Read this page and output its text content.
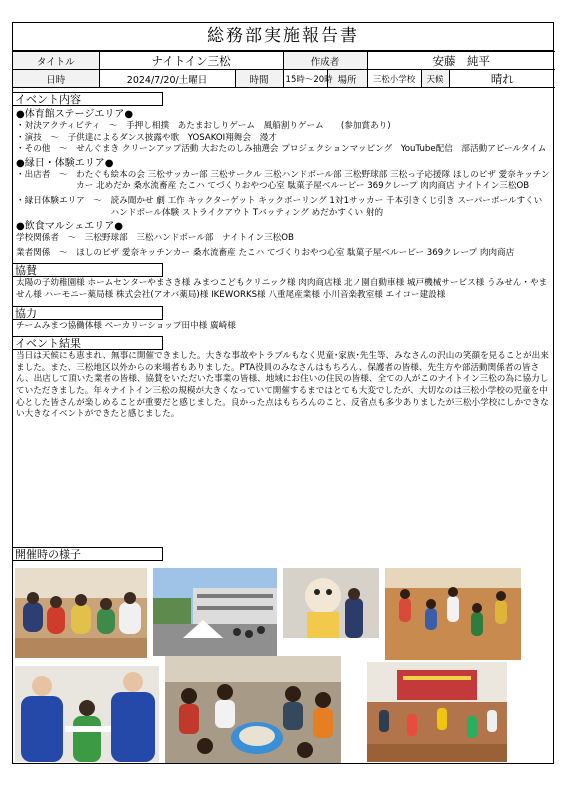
総務部実施報告書
タイトル	ナイトイン三松		作成者		安藤　純平		
日時	2024/7/20/土曜日	時間	15時～20時	場所	三松小学校	天候	晴れ
イベント内容
●体育館ステージエリア●
・対決アクティビティ　～　手押し相撲　あたまおしりゲーム　風船割りゲーム　　(参加賞あり)
・演技　～　子供達によるダンス披露や歌　YOSAKOI翔舞会　漫才
・その他　～　せんぐまき クリーンアップ活動 大おたのしみ抽選会 プロジェクションマッピング　YouTube配信　部活動アピールタイム
●縁日・体験エリア●
・出店者　～　 わたぐも絵本の会 三松サッカー部 三松サークル 三松ハンドボール部 三松野球部 三松っ子応援隊 ほしのピザ 愛奈キッチンカー 北めだか 桑水流畜産 たこハ てづくりおやつ心室 駄菓子屋ベルーピー 369クレープ 肉肉商店 ナイトイン三松OB
・縁日体験エリア　～　 読み聞かせ 劇 工作 キックターゲット キックボーリング 1対1サッカー 千本引きくじ引き スーパーボールすくい ハンドボール体験 ストライクアウト Tバッティング めだかすくい 射的
●飲食マルシェエリア●
学校関係者　～　 三松野球部　三松ハンドボール部　ナイトイン三松OB
業者関係　～　 ほしのピザ 愛奈キッチンカー 桑水流畜産 たこハ てづくりおやつ心室 駄菓子屋ベルーピー 369クレープ 肉肉商店
協賛
太陽の子幼稚園様 ホームセンターやまさき様 みまつこどもクリニック様 肉肉商店様 北ノ園自動車様 城戸機械サービス様 うみせん・やません様 ハーモニー薬局様 株式会社(アオバ薬局)様 IKEWORKS様 八重尾産業様 小川音楽教室様 エイコー建設様
協力
チームみまつ協働体様 ベーカリーショップ田中様 廣崎様
イベント結果
当日は天候にも恵まれ、無事に開催できました。大きな事故やトラブルもなく児童･家族･先生等、みなさんの沢山の笑顔を見ることが出来ました。また、三松地区以外からの来場者もありました。PTA役員のみなさんはもちろん、保護者の皆様、先生方や部活動関係者の皆さん、出店して頂いた業者の皆様、協賛をいただいた事業の皆様、地域にお住いの住民の皆様、全ての人がこのナイトイン三松の為に協力していただきました。年々ナイトイン三松の規模が大きくなっていて開催するまではとても大変でしたが、大切なのは三松小学校の児童を中心とした皆さんが楽しめることが重要だと感じました。良かった点はもちろんのこと、反省点も多少ありましたが三松小学校にしかできない大きなイベントができたと感じました。
開催時の様子
